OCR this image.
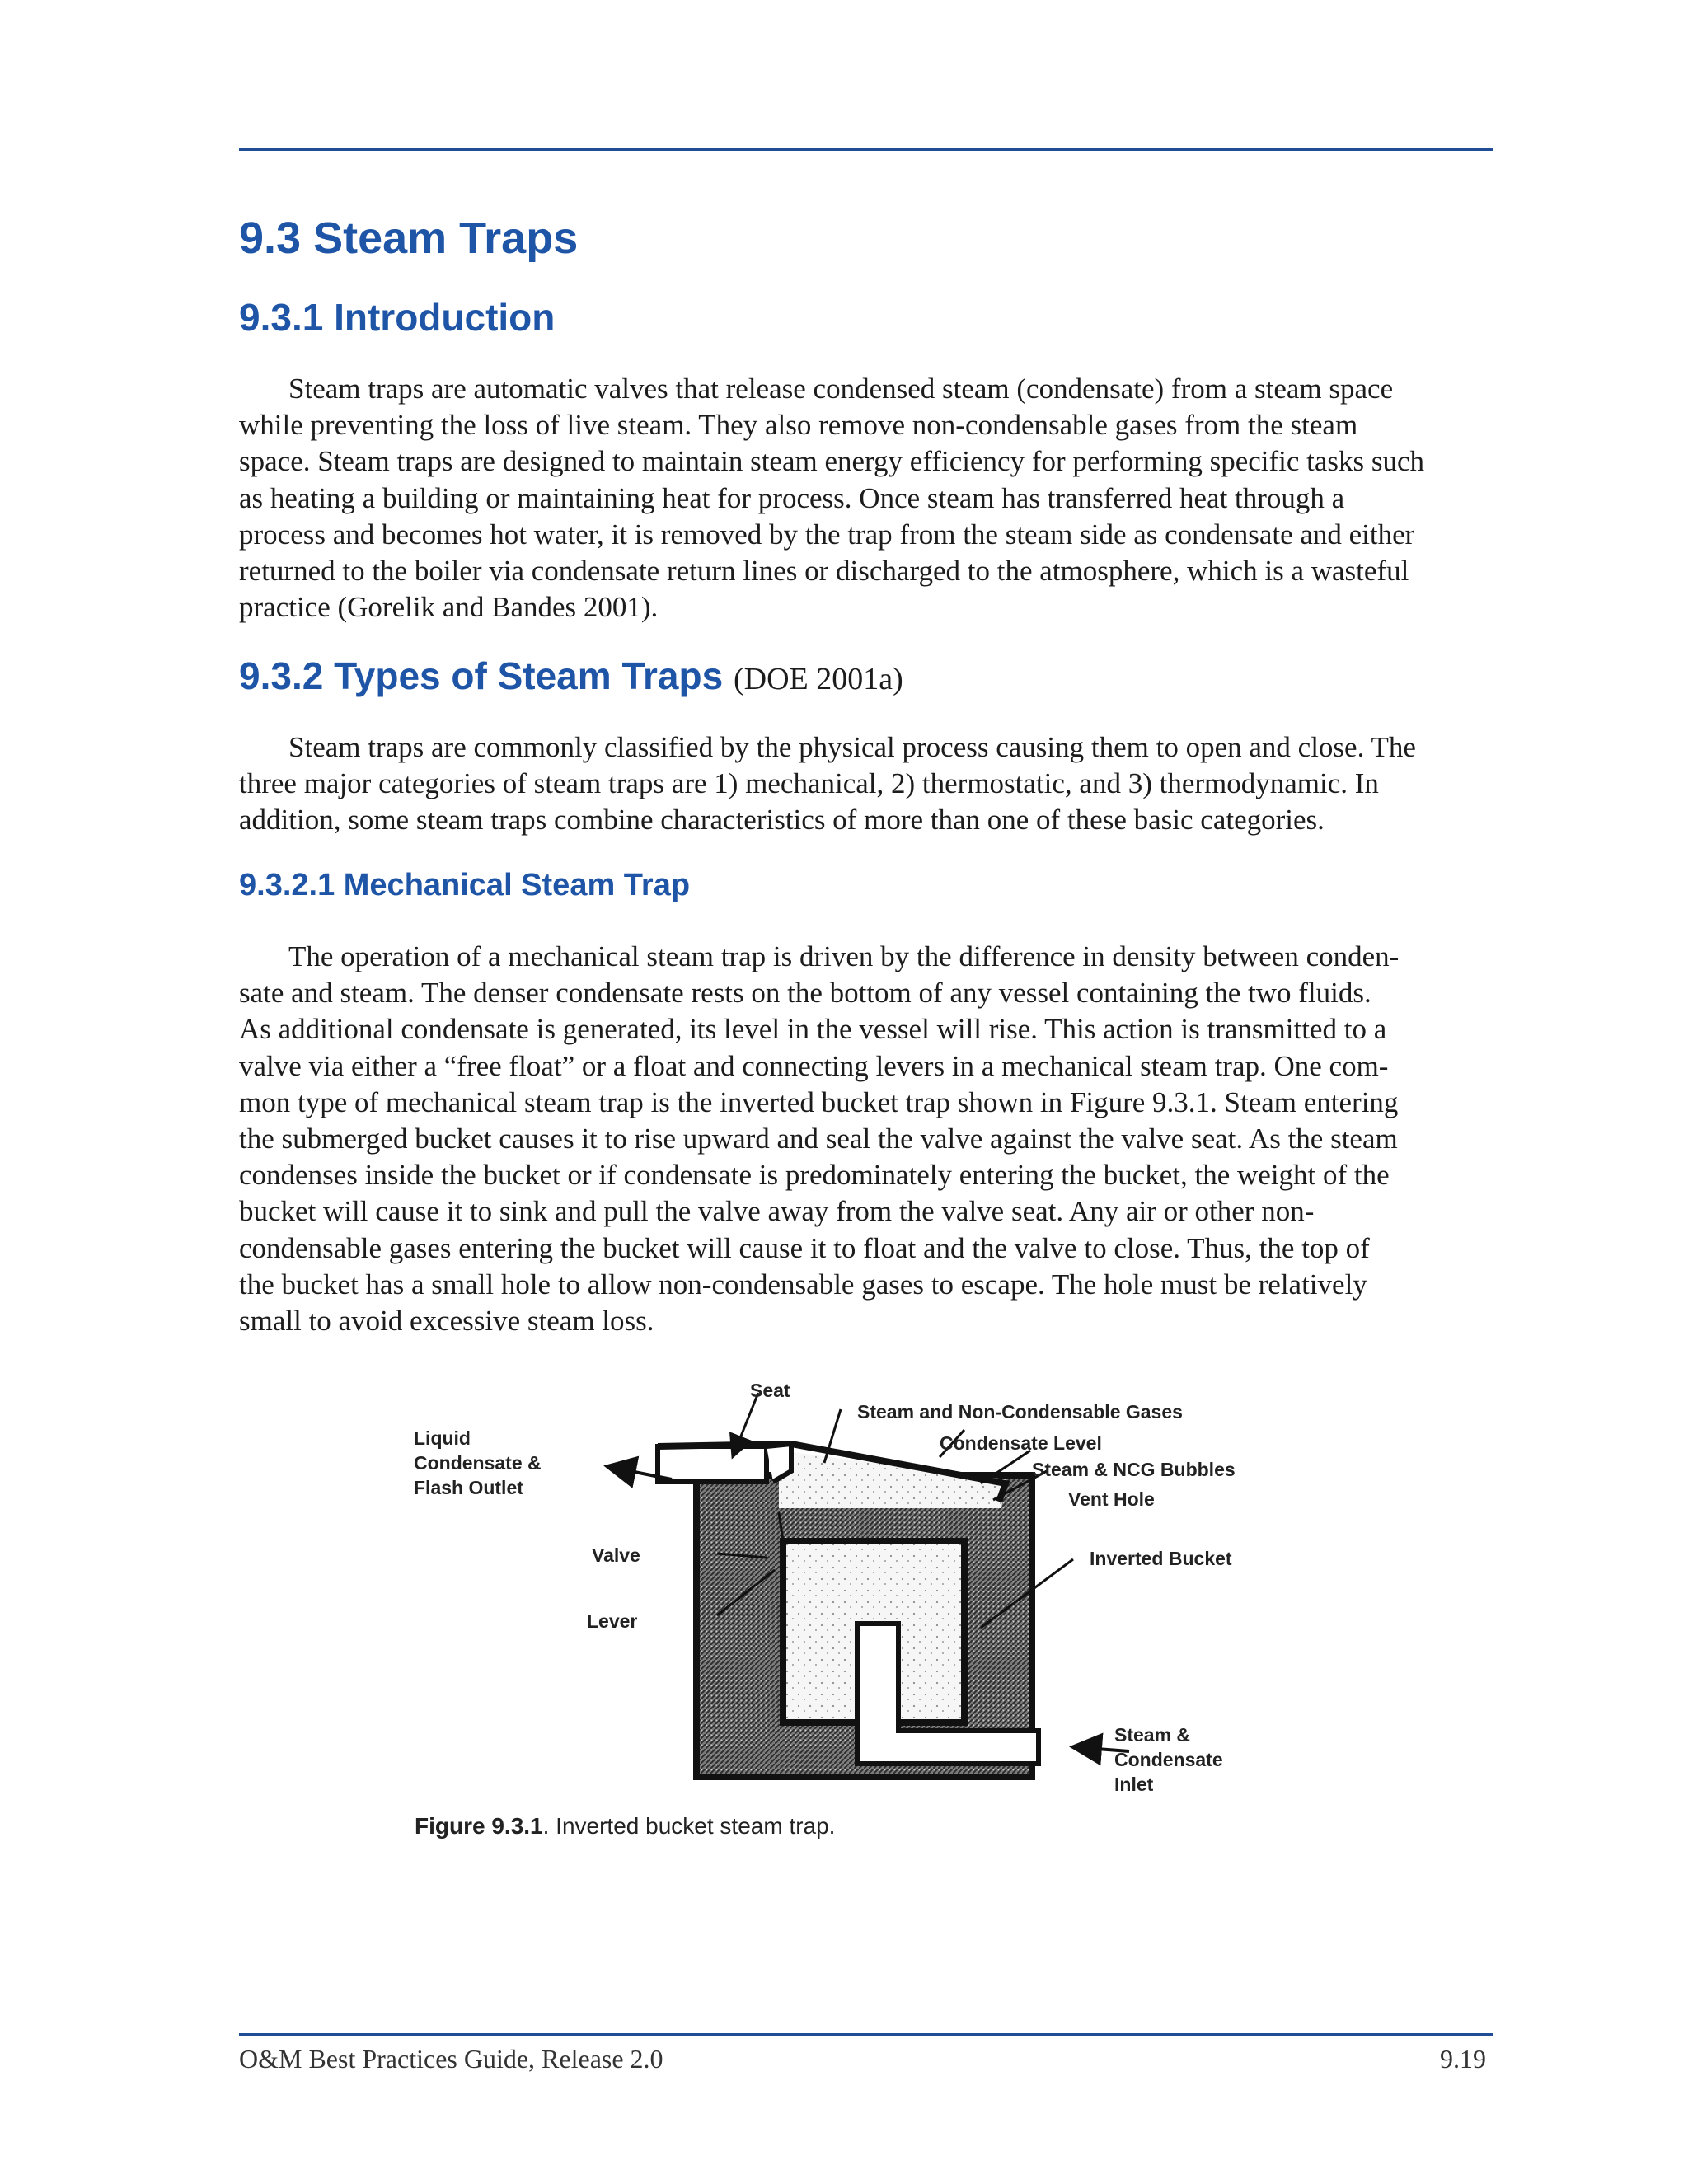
9.3 Steam Traps
9.3.1 Introduction
Steam traps are automatic valves that release condensed steam (condensate) from a steam space
while preventing the loss of live steam. They also remove non-condensable gases from the steam
space. Steam traps are designed to maintain steam energy efficiency for performing specific tasks such
as heating a building or maintaining heat for process. Once steam has transferred heat through a
process and becomes hot water, it is removed by the trap from the steam side as condensate and either
returned to the boiler via condensate return lines or discharged to the atmosphere, which is a wasteful
practice (Gorelik and Bandes 2001).
9.3.2 Types of Steam Traps (DOE 2001a)
Steam traps are commonly classified by the physical process causing them to open and close. The
three major categories of steam traps are 1) mechanical, 2) thermostatic, and 3) thermodynamic. In
addition, some steam traps combine characteristics of more than one of these basic categories.
9.3.2.1 Mechanical Steam Trap
The operation of a mechanical steam trap is driven by the difference in density between conden-
sate and steam. The denser condensate rests on the bottom of any vessel containing the two fluids.
As additional condensate is generated, its level in the vessel will rise. This action is transmitted to a
valve via either a “free float” or a float and connecting levers in a mechanical steam trap. One com-
mon type of mechanical steam trap is the inverted bucket trap shown in Figure 9.3.1. Steam entering
the submerged bucket causes it to rise upward and seal the valve against the valve seat. As the steam
condenses inside the bucket or if condensate is predominately entering the bucket, the weight of the
bucket will cause it to sink and pull the valve away from the valve seat. Any air or other non-
condensable gases entering the bucket will cause it to float and the valve to close. Thus, the top of
the bucket has a small hole to allow non-condensable gases to escape. The hole must be relatively
small to avoid excessive steam loss.
Seat
Steam and Non-Condensable Gases
Condensate Level
Steam & NCG Bubbles
Vent Hole
Inverted Bucket
Liquid
Condensate &
Flash Outlet
Valve
Lever
Steam &
Condensate
Inlet
Figure 9.3.1. Inverted bucket steam trap.
O&M Best Practices Guide, Release 2.0	9.19
